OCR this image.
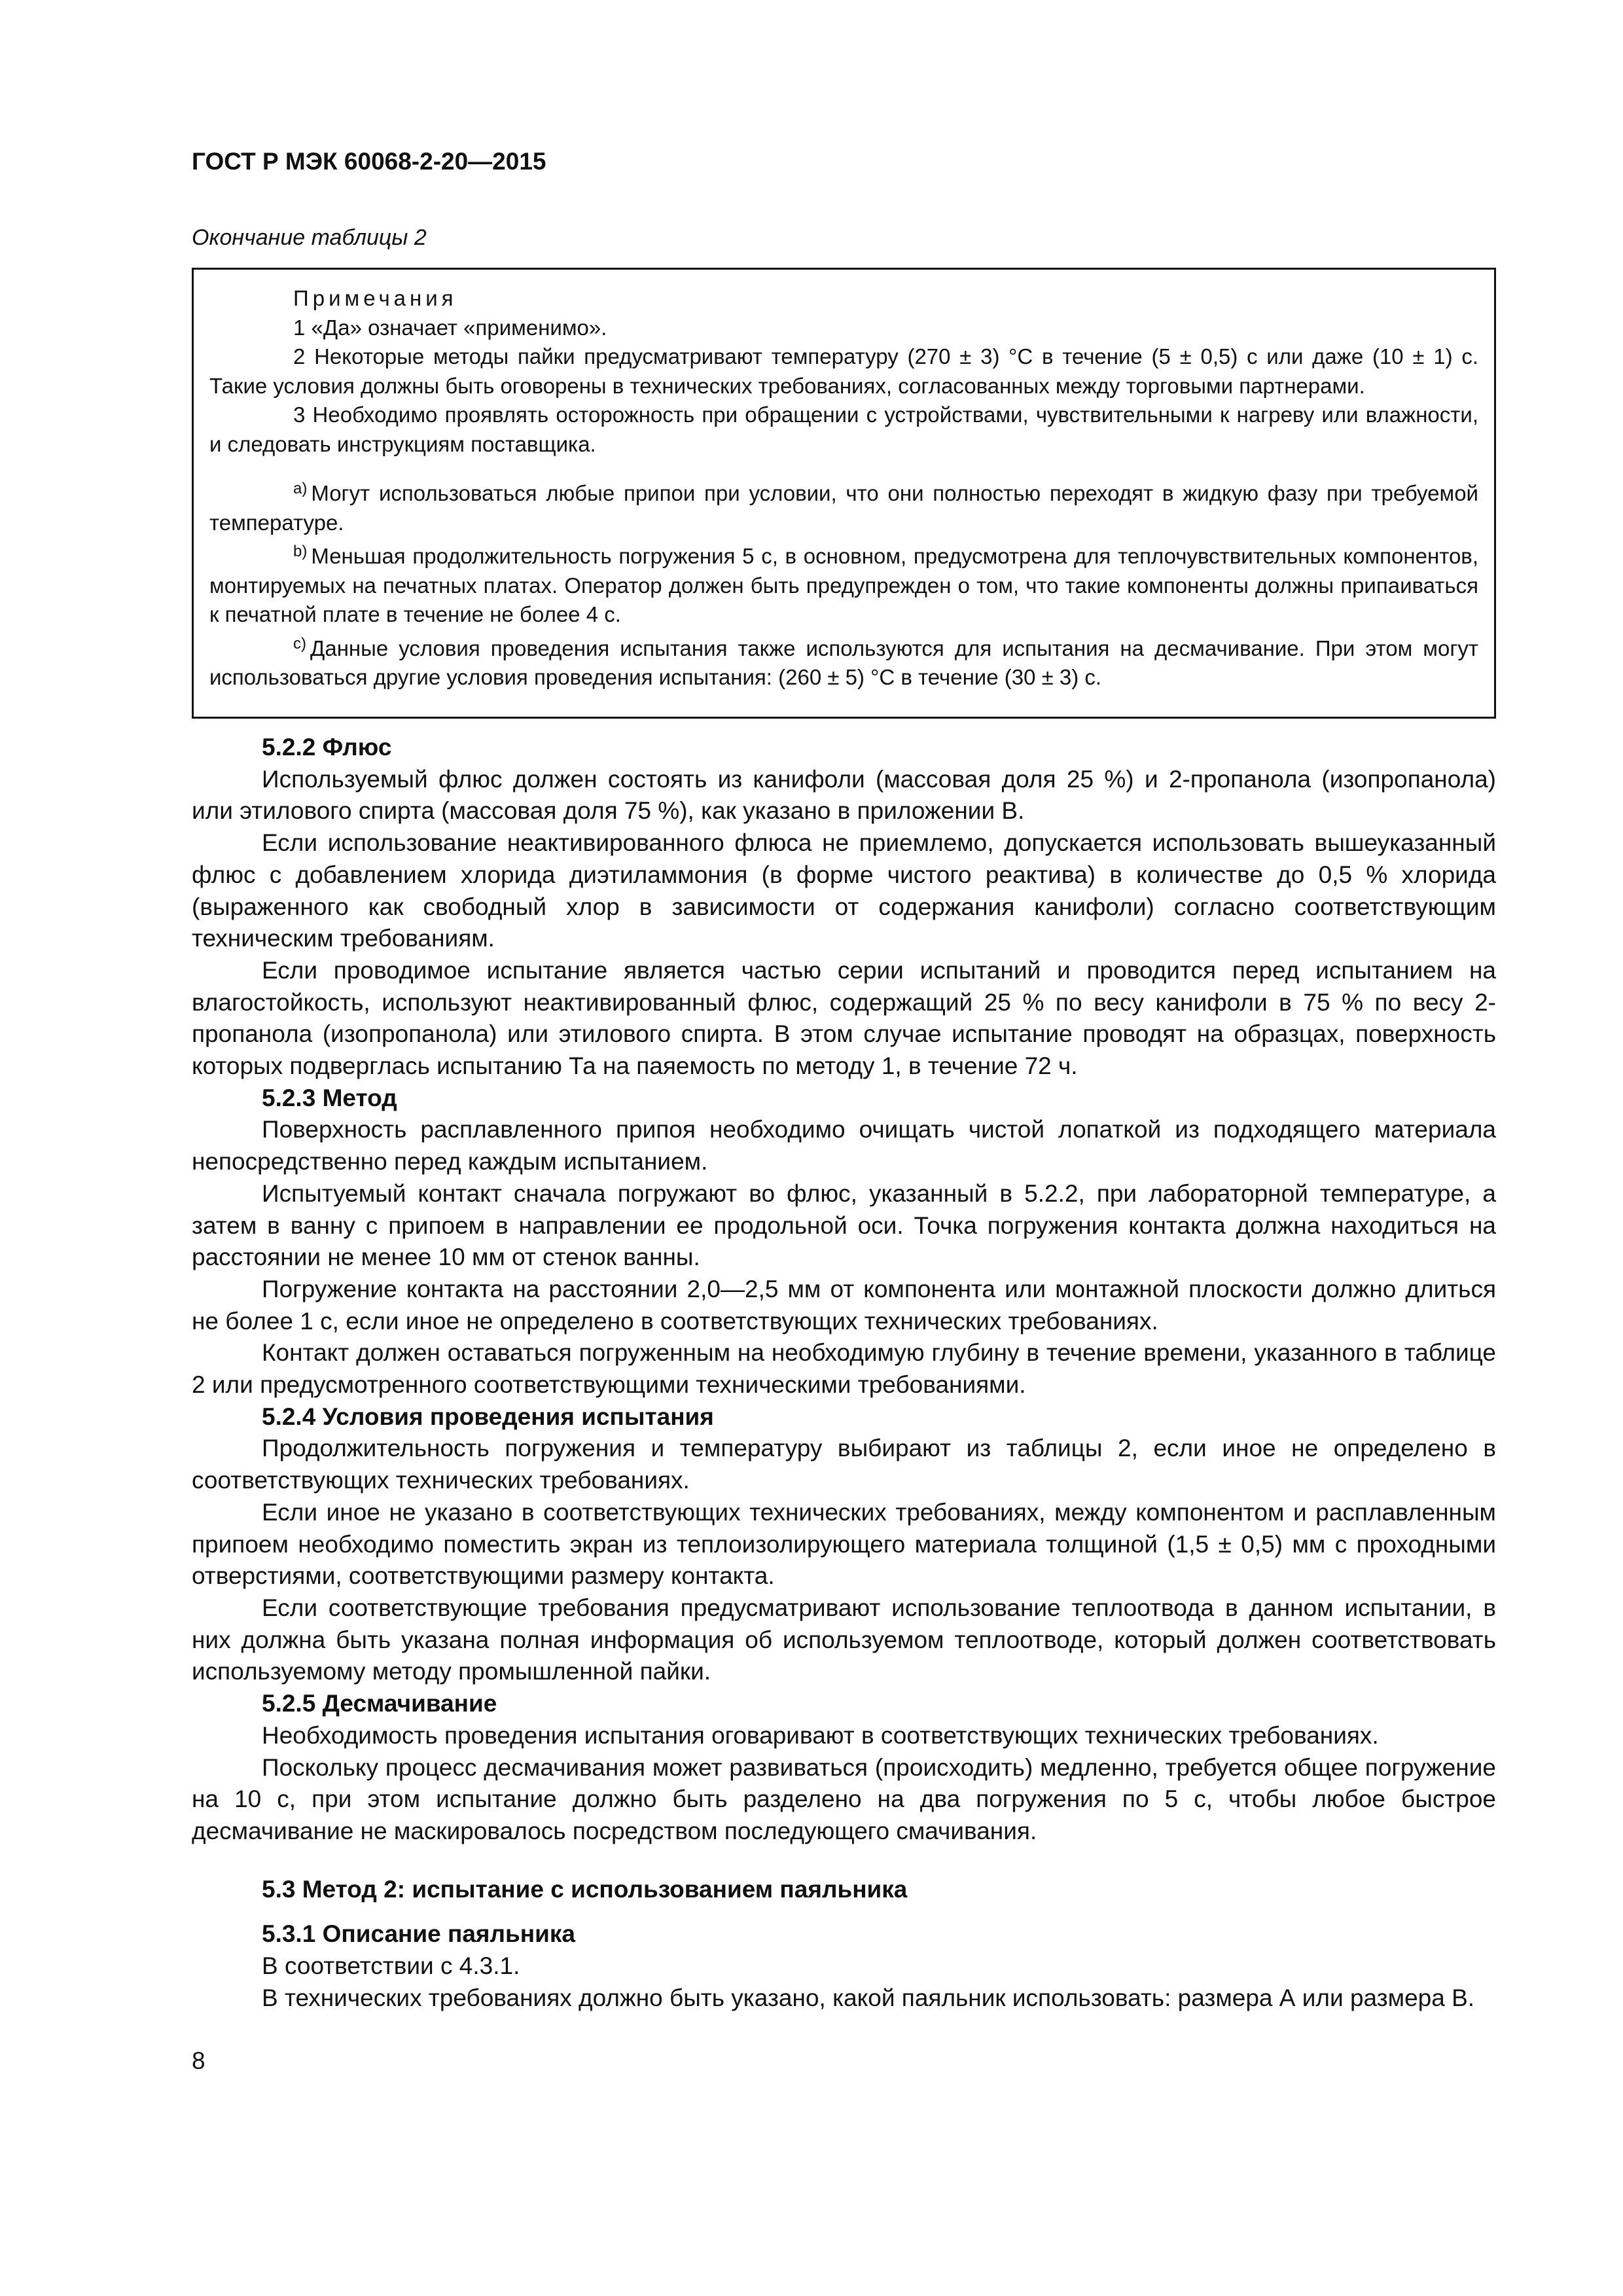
ГОСТ Р МЭК 60068-2-20—2015
Окончание таблицы 2

Примечания

1 «Да» означает «применимо».

2 Некоторые методы пайки предусматривают температуру (270 ± 3) °С в течение (5 ± 0,5) с или даже (10 ± 1) с. Такие условия должны быть оговорены в технических требованиях, согласованных между торговыми партнерами.

3 Необходимо проявлять осторожность при обращении с устройствами, чувствительными к нагреву или влажности, и следовать инструкциям поставщика.

$^{a)}$ Могут использоваться любые припои при условии, что они полностью переходят в жидкую фазу при требуемой температуре.

$^{b)}$ Меньшая продолжительность погружения 5 с, в основном, предусмотрена для теплочувствительных компонентов, монтируемых на печатных платах. Оператор должен быть предупрежден о том, что такие компоненты должны припаиваться к печатной плате в течение не более 4 с.

$^{c)}$ Данные условия проведения испытания также используются для испытания на десмачивание. При этом могут использоваться другие условия проведения испытания: (260 ± 5) °С в течение (30 ± 3) с.

5.2.2 Флюс

Используемый флюс должен состоять из канифоли (массовая доля 25 %) и 2-пропанола (изопропанола) или этилового спирта (массовая доля 75 %), как указано в приложении В.

Если использование неактивированного флюса не приемлемо, допускается использовать вышеуказанный флюс с добавлением хлорида диэтиламмония (в форме чистого реактива) в количестве до 0,5 % хлорида (выраженного как свободный хлор в зависимости от содержания канифоли) согласно соответствующим техническим требованиям.

Если проводимое испытание является частью серии испытаний и проводится перед испытанием на влагостойкость, используют неактивированный флюс, содержащий 25 % по весу канифоли в 75 % по весу 2-пропанола (изопропанола) или этилового спирта. В этом случае испытание проводят на образцах, поверхность которых подверглась испытанию Та на паяемость по методу 1, в течение 72 ч.

5.2.3 Метод

Поверхность расплавленного припоя необходимо очищать чистой лопаткой из подходящего материала непосредственно перед каждым испытанием.

Испытуемый контакт сначала погружают во флюс, указанный в 5.2.2, при лабораторной температуре, а затем в ванну с припоем в направлении ее продольной оси. Точка погружения контакта должна находиться на расстоянии не менее 10 мм от стенок ванны.

Погружение контакта на расстоянии 2,0—2,5 мм от компонента или монтажной плоскости должно длиться не более 1 с, если иное не определено в соответствующих технических требованиях.

Контакт должен оставаться погруженным на необходимую глубину в течение времени, указанного в таблице 2 или предусмотренного соответствующими техническими требованиями.

5.2.4 Условия проведения испытания

Продолжительность погружения и температуру выбирают из таблицы 2, если иное не определено в соответствующих технических требованиях.

Если иное не указано в соответствующих технических требованиях, между компонентом и расплавленным припоем необходимо поместить экран из теплоизолирующего материала толщиной (1,5 ± 0,5) мм с проходными отверстиями, соответствующими размеру контакта.

Если соответствующие требования предусматривают использование теплоотвода в данном испытании, в них должна быть указана полная информация об используемом теплоотводе, который должен соответствовать используемому методу промышленной пайки.

5.2.5 Десмачивание

Необходимость проведения испытания оговаривают в соответствующих технических требованиях.

Поскольку процесс десмачивания может развиваться (происходить) медленно, требуется общее погружение на 10 с, при этом испытание должно быть разделено на два погружения по 5 с, чтобы любое быстрое десмачивание не маскировалось посредством последующего смачивания.

5.3 Метод 2: испытание с использованием паяльника
5.3.1 Описание паяльника

В соответствии с 4.3.1.

В технических требованиях должно быть указано, какой паяльник использовать: размера А или размера В.

8
